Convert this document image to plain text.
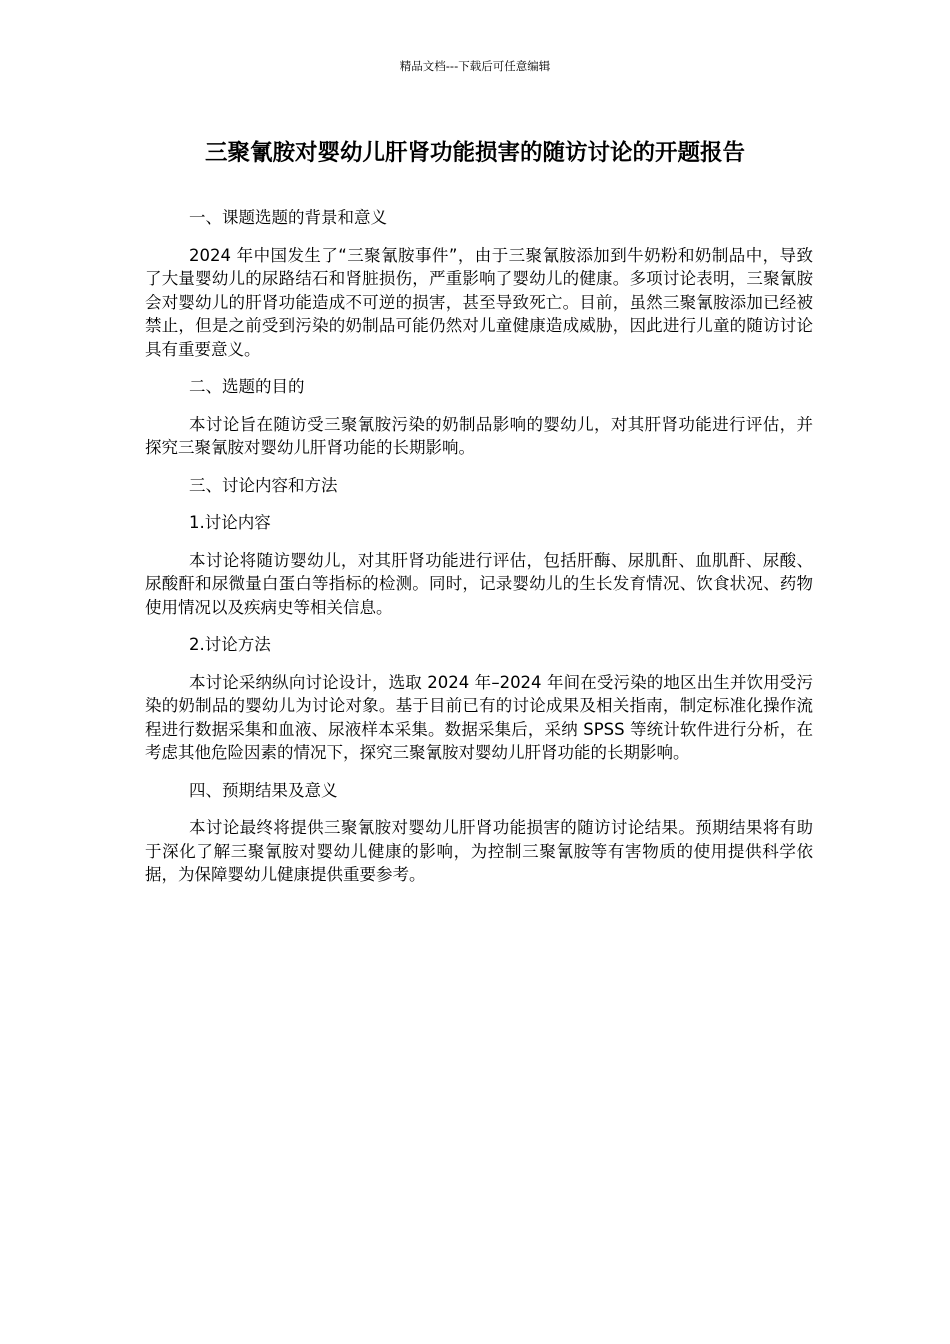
精品文档---下载后可任意编辑
三聚氰胺对婴幼儿肝肾功能损害的随访讨论的开题报告

一、课题选题的背景和意义

2024 年中国发生了“三聚氰胺事件”，由于三聚氰胺添加到牛奶粉和奶制品中，导致了大量婴幼儿的尿路结石和肾脏损伤，严重影响了婴幼儿的健康。多项讨论表明，三聚氰胺会对婴幼儿的肝肾功能造成不可逆的损害，甚至导致死亡。目前，虽然三聚氰胺添加已经被禁止，但是之前受到污染的奶制品可能仍然对儿童健康造成威胁，因此进行儿童的随访讨论具有重要意义。

二、选题的目的

本讨论旨在随访受三聚氰胺污染的奶制品影响的婴幼儿，对其肝肾功能进行评估，并探究三聚氰胺对婴幼儿肝肾功能的长期影响。

三、讨论内容和方法

1.讨论内容

本讨论将随访婴幼儿，对其肝肾功能进行评估，包括肝酶、尿肌酐、血肌酐、尿酸、尿酸酐和尿微量白蛋白等指标的检测。同时，记录婴幼儿的生长发育情况、饮食状况、药物使用情况以及疾病史等相关信息。

2.讨论方法

本讨论采纳纵向讨论设计，选取 2024 年–2024 年间在受污染的地区出生并饮用受污染的奶制品的婴幼儿为讨论对象。基于目前已有的讨论成果及相关指南，制定标准化操作流程进行数据采集和血液、尿液样本采集。数据采集后，采纳 SPSS 等统计软件进行分析，在考虑其他危险因素的情况下，探究三聚氰胺对婴幼儿肝肾功能的长期影响。

四、预期结果及意义

本讨论最终将提供三聚氰胺对婴幼儿肝肾功能损害的随访讨论结果。预期结果将有助于深化了解三聚氰胺对婴幼儿健康的影响，为控制三聚氰胺等有害物质的使用提供科学依据，为保障婴幼儿健康提供重要参考。
